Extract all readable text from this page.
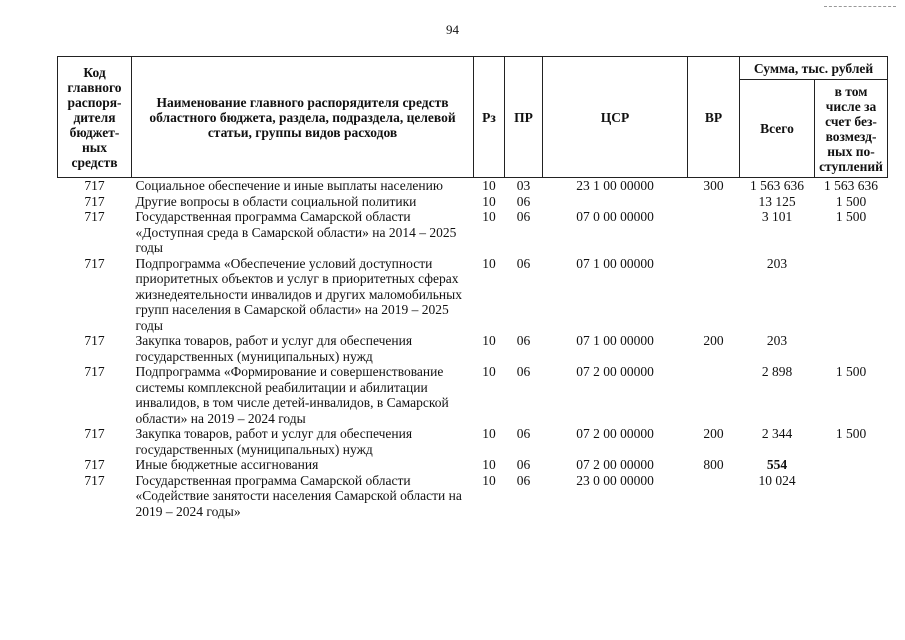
94
Код главного распоря-дителя бюджет-ных средств	Наименование главного распорядителя средств областного бюджета, раздела, подраздела, целевой статьи, группы видов расходов	Рз	ПР	ЦСР	ВР	Сумма, тыс. рублей	
						Всего	в том числе за счет без-возмезд-ных по-ступлений
717	Социальное обеспечение и иные выплаты населению	10	03	23 1 00 00000	300	1 563 636	1 563 636
717	Другие вопросы в области социальной политики	10	06			13 125	1 500
717	Государственная программа Самарской области «Доступная среда в Самарской области» на 2014 – 2025 годы	10	06	07 0 00 00000		3 101	1 500
717	Подпрограмма «Обеспечение условий доступности приоритетных объектов и услуг в приоритетных сферах жизнедеятельности инвалидов и других маломобильных групп населения в Самарской области» на 2019 – 2025 годы	10	06	07 1 00 00000		203	
717	Закупка товаров, работ и услуг для обеспечения государственных (муниципальных) нужд	10	06	07 1 00 00000	200	203	
717	Подпрограмма «Формирование и совершенствование системы комплексной реабилитации и абилитации инвалидов, в том числе детей-инвалидов, в Самарской области» на 2019 – 2024 годы	10	06	07 2 00 00000		2 898	1 500
717	Закупка товаров, работ и услуг для обеспечения государственных (муниципальных) нужд	10	06	07 2 00 00000	200	2 344	1 500
717	Иные бюджетные ассигнования	10	06	07 2 00 00000	800	554	
717	Государственная программа Самарской области «Содействие занятости населения Самарской области на 2019 – 2024 годы»	10	06	23 0 00 00000		10 024	
